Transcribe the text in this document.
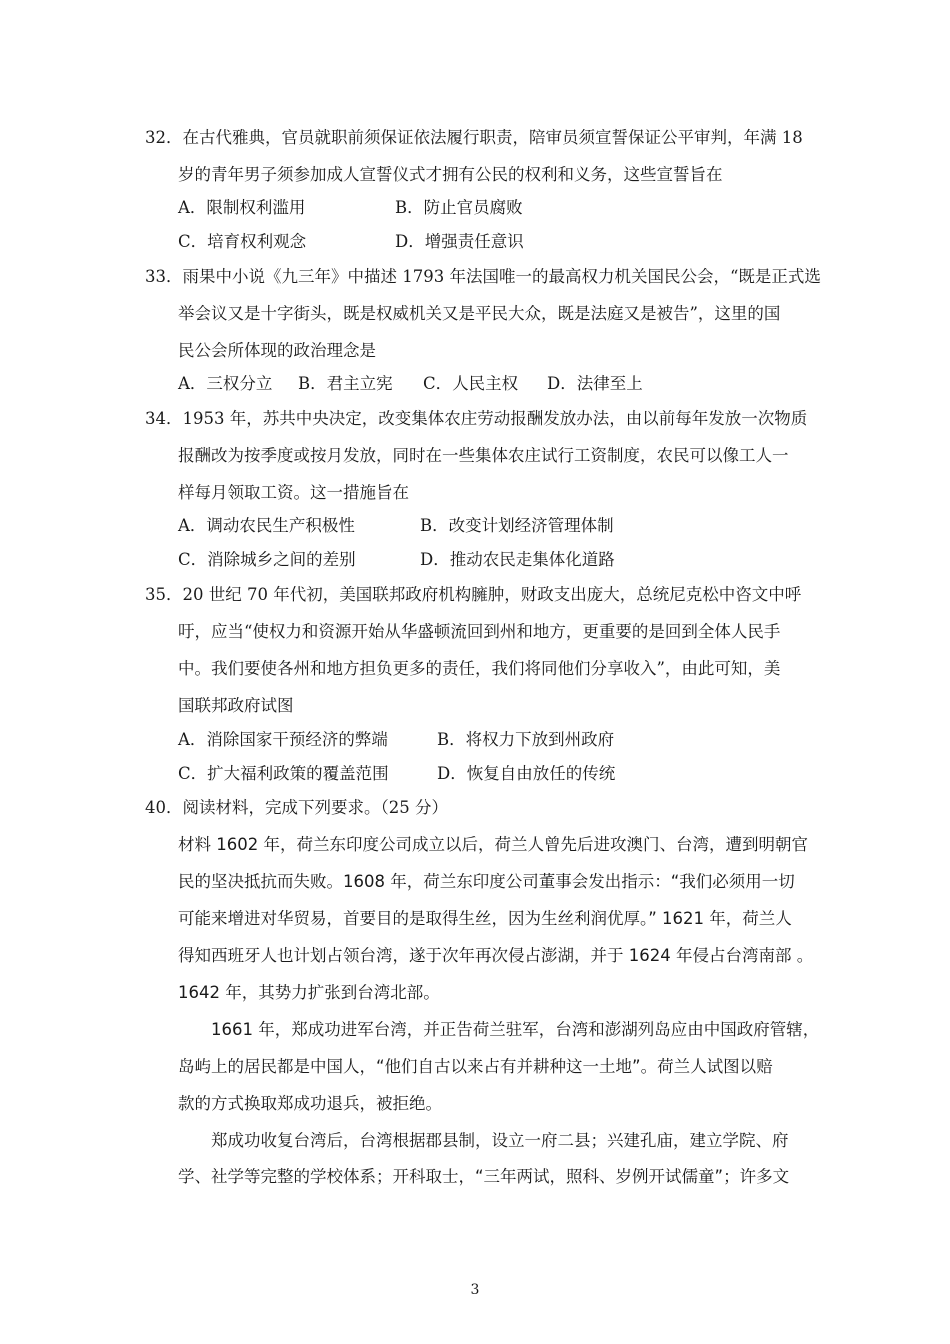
32．在古代雅典，官员就职前须保证依法履行职责，陪审员须宣誓保证公平审判，年满 18
岁的青年男子须参加成人宣誓仪式才拥有公民的权利和义务，这些宣誓旨在
A．限制权利滥用	B．防止官员腐败
C．培育权利观念	D．增强责任意识
33．雨果中小说《九三年》中描述 1793 年法国唯一的最高权力机关国民公会，“既是正式选
举会议又是十字街头，既是权威机关又是平民大众，既是法庭又是被告”，这里的国
民公会所体现的政治理念是
A．三权分立 B．君主立宪 C．人民主权 D．法律至上
34．1953 年，苏共中央决定，改变集体农庄劳动报酬发放办法，由以前每年发放一次物质
报酬改为按季度或按月发放，同时在一些集体农庄试行工资制度，农民可以像工人一
样每月领取工资。这一措施旨在
A．调动农民生产积极性	B．改变计划经济管理体制
C．消除城乡之间的差别	D．推动农民走集体化道路
35．20 世纪 70 年代初，美国联邦政府机构臃肿，财政支出庞大，总统尼克松中咨文中呼
吁，应当“使权力和资源开始从华盛顿流回到州和地方，更重要的是回到全体人民手
中。我们要使各州和地方担负更多的责任，我们将同他们分享收入”，由此可知，美
国联邦政府试图
A．消除国家干预经济的弊端	B．将权力下放到州政府
C．扩大福利政策的覆盖范围	D．恢复自由放任的传统
40．阅读材料，完成下列要求。（25 分）
材料 1602 年，荷兰东印度公司成立以后，荷兰人曾先后进攻澳门、台湾，遭到明朝官
民的坚决抵抗而失败。1608 年，荷兰东印度公司董事会发出指示：“我们必须用一切
可能来增进对华贸易，首要目的是取得生丝，因为生丝利润优厚。” 1621 年，荷兰人
得知西班牙人也计划占领台湾，遂于次年再次侵占澎湖，并于 1624 年侵占台湾南部 。
1642 年，其势力扩张到台湾北部。
1661 年，郑成功进军台湾，并正告荷兰驻军，台湾和澎湖列岛应由中国政府管辖，
岛屿上的居民都是中国人，“他们自古以来占有并耕种这一土地”。荷兰人试图以赔
款的方式换取郑成功退兵，被拒绝。
郑成功收复台湾后，台湾根据郡县制，设立一府二县；兴建孔庙，建立学院、府
学、社学等完整的学校体系；开科取士，“三年两试，照科、岁例开试儒童”；许多文
3
